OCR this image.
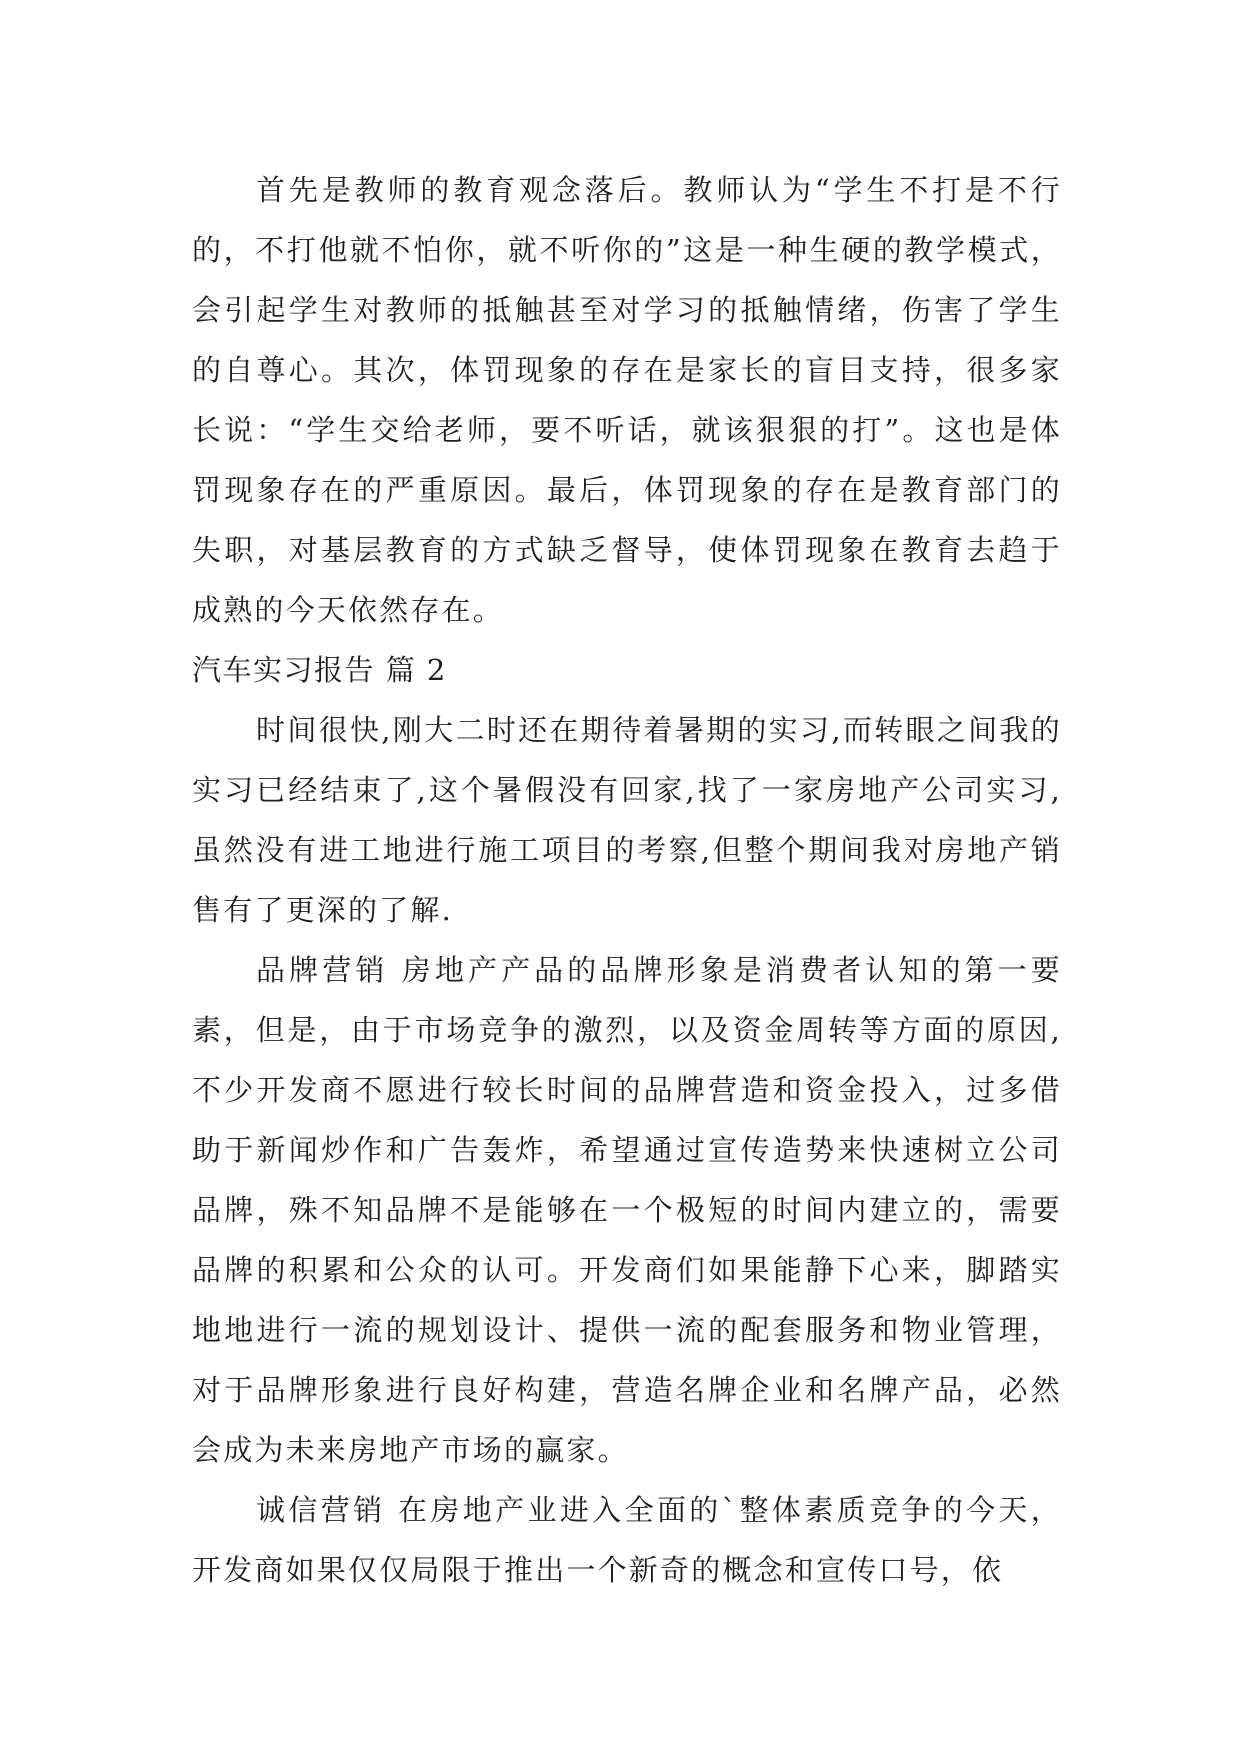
首先是教师的教育观念落后。教师认为“学生不打是不行的，不打他就不怕你，就不听你的”这是一种生硬的教学模式，会引起学生对教师的抵触甚至对学习的抵触情绪，伤害了学生的自尊心。其次，体罚现象的存在是家长的盲目支持，很多家长说：“学生交给老师，要不听话，就该狠狠的打”。这也是体罚现象存在的严重原因。最后，体罚现象的存在是教育部门的失职，对基层教育的方式缺乏督导，使体罚现象在教育去趋于成熟的今天依然存在。

汽车实习报告 篇 2

时间很快,刚大二时还在期待着暑期的实习,而转眼之间我的实习已经结束了,这个暑假没有回家,找了一家房地产公司实习,虽然没有进工地进行施工项目的考察,但整个期间我对房地产销售有了更深的了解.

品牌营销 房地产产品的品牌形象是消费者认知的第一要素，但是，由于市场竞争的激烈，以及资金周转等方面的原因,不少开发商不愿进行较长时间的品牌营造和资金投入，过多借助于新闻炒作和广告轰炸，希望通过宣传造势来快速树立公司品牌，殊不知品牌不是能够在一个极短的时间内建立的，需要品牌的积累和公众的认可。开发商们如果能静下心来，脚踏实地地进行一流的规划设计、提供一流的配套服务和物业管理，对于品牌形象进行良好构建，营造名牌企业和名牌产品，必然会成为未来房地产市场的赢家。

诚信营销 在房地产业进入全面的`整体素质竞争的今天，开发商如果仅仅局限于推出一个新奇的概念和宣传口号，依
